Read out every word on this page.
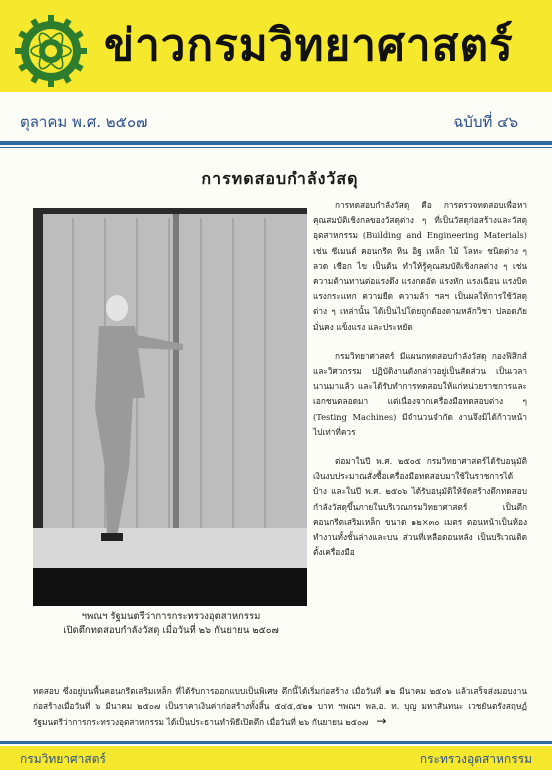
ข่าวกรมวิทยาศาสตร์
ตุลาคม พ.ศ. ๒๕๐๗	ฉบับที่ ๔๖
การทดสอบกำลังวัสดุ
ฯพณฯ รัฐมนตรีว่าการกระทรวงอุตสาหกรรม
เปิดตึกทดสอบกำลังวัสดุ เมื่อวันที่ ๒๖ กันยายน ๒๕๐๗

การทดสอบกำลังวัสดุ คือ การตรวจทดสอบเพื่อหาคุณสมบัติเชิงกลของวัสดุต่าง ๆ ที่เป็นวัสดุก่อสร้างและวัสดุอุตสาหกรรม (Building and Engineering Materials) เช่น ซีเมนต์ คอนกรีต หิน อิฐ เหล็ก ไม้ โลหะ ชนิดต่าง ๆ ลวด เชือก ไข เป็นต้น ทำให้รู้คุณสมบัติเชิงกลต่าง ๆ เช่น ความต้านทานต่อแรงดึง แรงกดอัด แรงหัก แรงเฉือน แรงบิด แรงกระแทก ความยืด ความล้า ฯลฯ เป็นผลให้การใช้วัสดุต่าง ๆ เหล่านั้น ได้เป็นไปโดยถูกต้องตามหลักวิชา ปลอดภัยมั่นคง แข็งแรง และประหยัด

กรมวิทยาศาสตร์ มีแผนกทดสอบกำลังวัสดุ กองฟิสิกส์และวิศวกรรม ปฏิบัติงานดังกล่าวอยู่เป็นสัดส่วน เป็นเวลานานมาแล้ว และได้รับทำการทดสอบให้แก่หน่วยราชการและเอกชนตลอดมา แต่เนื่องจากเครื่องมือทดสอบต่าง ๆ (Testing Machines) มีจำนวนจำกัด งานจึงมิได้ก้าวหน้าไปเท่าที่ควร

ต่อมาในปี พ.ศ. ๒๕๐๕ กรมวิทยาศาสตร์ได้รับอนุมัติเงินงบประมาณสั่งซื้อเครื่องมือทดสอบมาใช้ในราชการได้บ้าง และในปี พ.ศ. ๒๕๐๖ ได้รับอนุมัติให้จัดสร้างตึกทดสอบกำลังวัสดุขึ้นภายในบริเวณกรมวิทยาศาสตร์ เป็นตึกคอนกรีตเสริมเหล็ก ขนาด ๑๒×๓๐ เมตร ตอนหน้าเป็นห้องทำงานทั้งชั้นล่างและบน ส่วนที่เหลือตอนหลัง เป็นบริเวณติดตั้งเครื่องมือ

ทดสอบ ซึ่งอยู่บนพื้นคอนกรีตเสริมเหล็ก ที่ได้รับการออกแบบเป็นพิเศษ ตึกนี้ได้เริ่มก่อสร้าง เมื่อวันที่ ๑๒ มีนาคม ๒๕๐๖ แล้วเสร็จส่งมอบงานก่อสร้างเมื่อวันที่ ๖ มีนาคม ๒๕๐๗ เป็นราคาเงินค่าก่อสร้างทั้งสิ้น ๕๔๕,๕๒๑ บาท ฯพณฯ พล.อ. ท. บุญ มหาสันทนะ เวชยันตรังสฤษฏ์ รัฐมนตรีว่าการกระทรวงอุตสาหกรรม ได้เป็นประธานทำพิธีเปิดตึก เมื่อวันที่ ๒๖ กันยายน ๒๕๐๗ →
กรมวิทยาศาสตร์	กระทรวงอุตสาหกรรม
